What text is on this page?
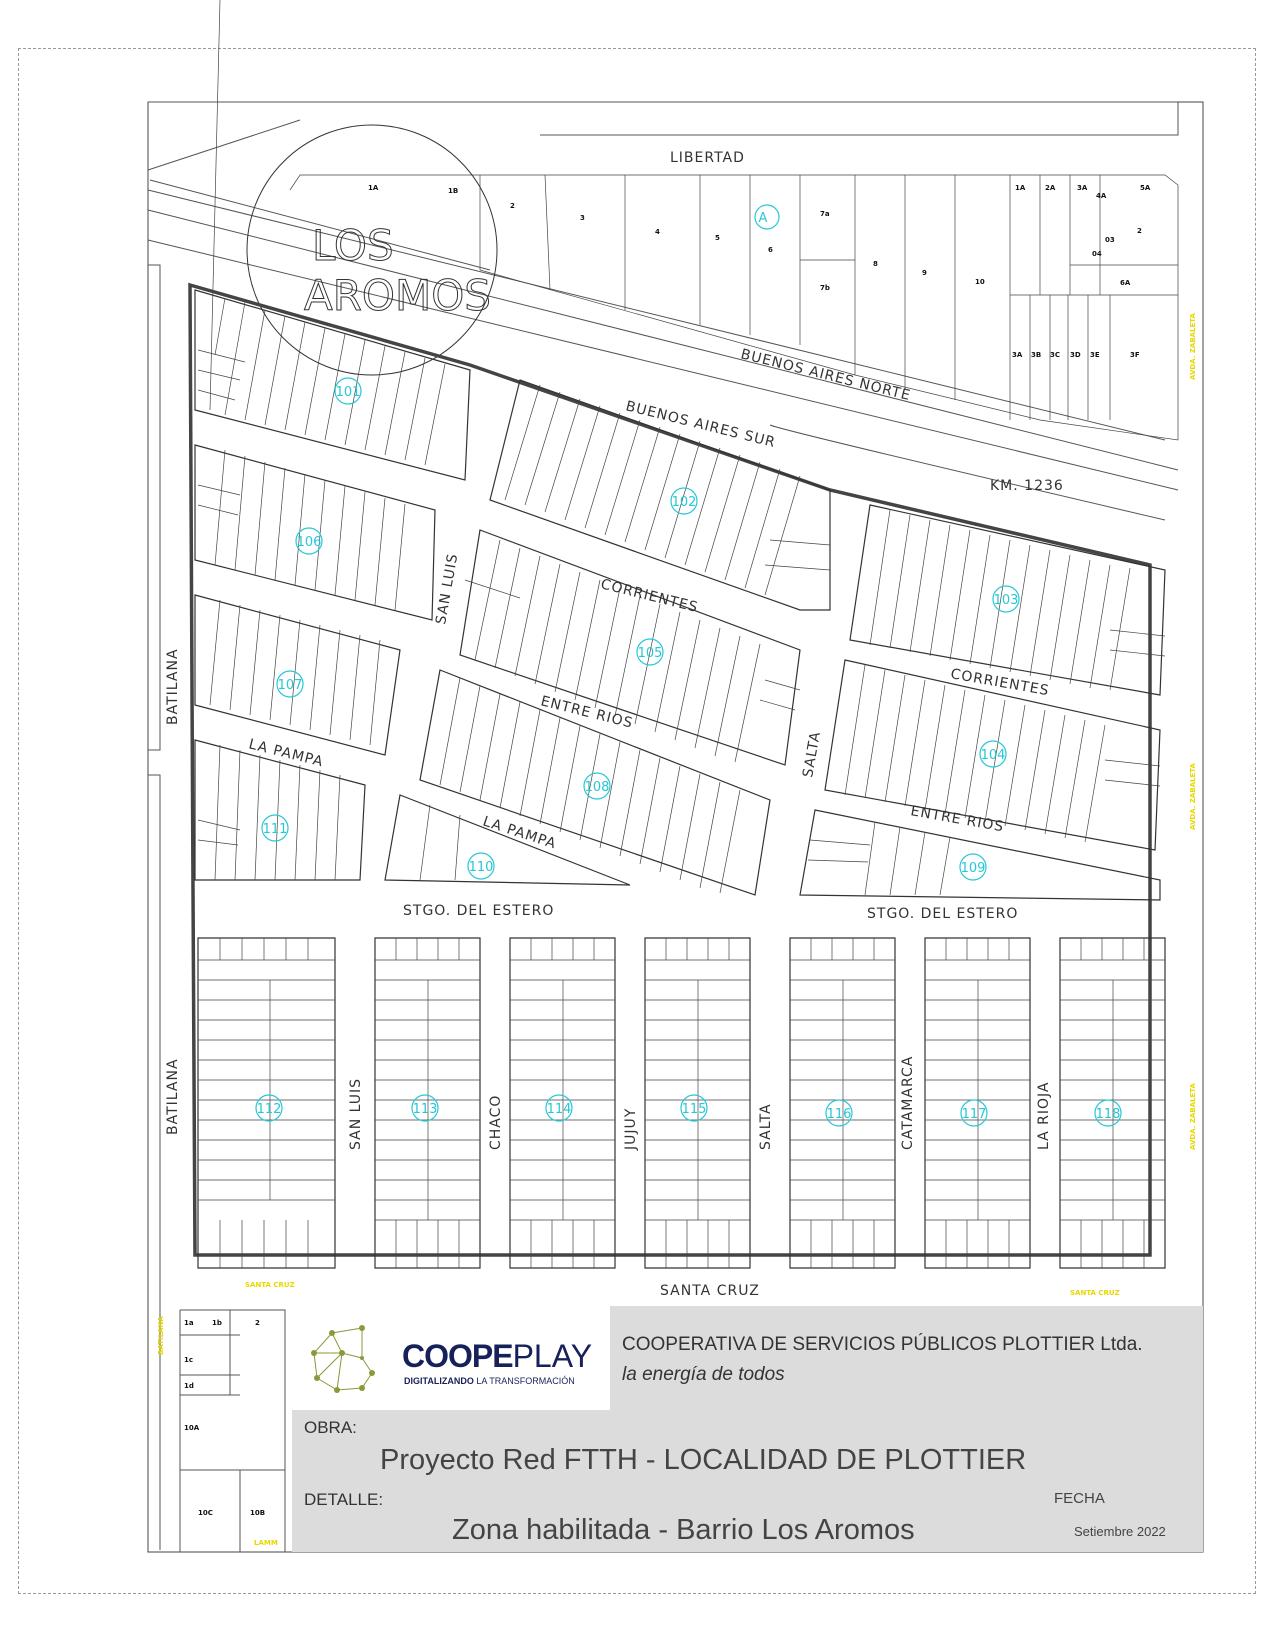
LOS
AROMOS
LIBERTAD
BUENOS AIRES NORTE
BUENOS AIRES SUR
KM. 1236
A
1A	1B
2
3
4
5
6
7a
7b
8
9
10
3A 3B 3C 3D 3E	3F
1A	2A	3A
4A
5A
2
03
04
6A
1a	1b	2
1c
1d
10A
10C	10B
CORRIENTES
CORRIENTES
ENTRE RIOS
ENTRE RIOS
LA PAMPA
LA PAMPA
STGO. DEL ESTERO	STGO. DEL ESTERO
SANTA CRUZ
SAN LUIS
SAN LUIS
SALTA
SALTA
BATILANA
BATILANA	CHACO	JUJUY	CATAMARCA	LA RIOJA
AVDA. ZABALETA
AVDA. ZABALETA
AVDA. ZABALETA
SANTA CRUZ
SANTA CRUZ
BATILANA
LAMM
101
102
103
105
106
107
104
108
110
111
109
112	113	114	115	116	117	118
COOPEPLAY
DIGITALIZANDO LA TRANSFORMACIÓN
COOPERATIVA DE SERVICIOS PÚBLICOS PLOTTIER Ltda.
la energía de todos
OBRA:
Proyecto Red FTTH - LOCALIDAD DE PLOTTIER
DETALLE:
Zona habilitada - Barrio Los Aromos
FECHA
Setiembre 2022
